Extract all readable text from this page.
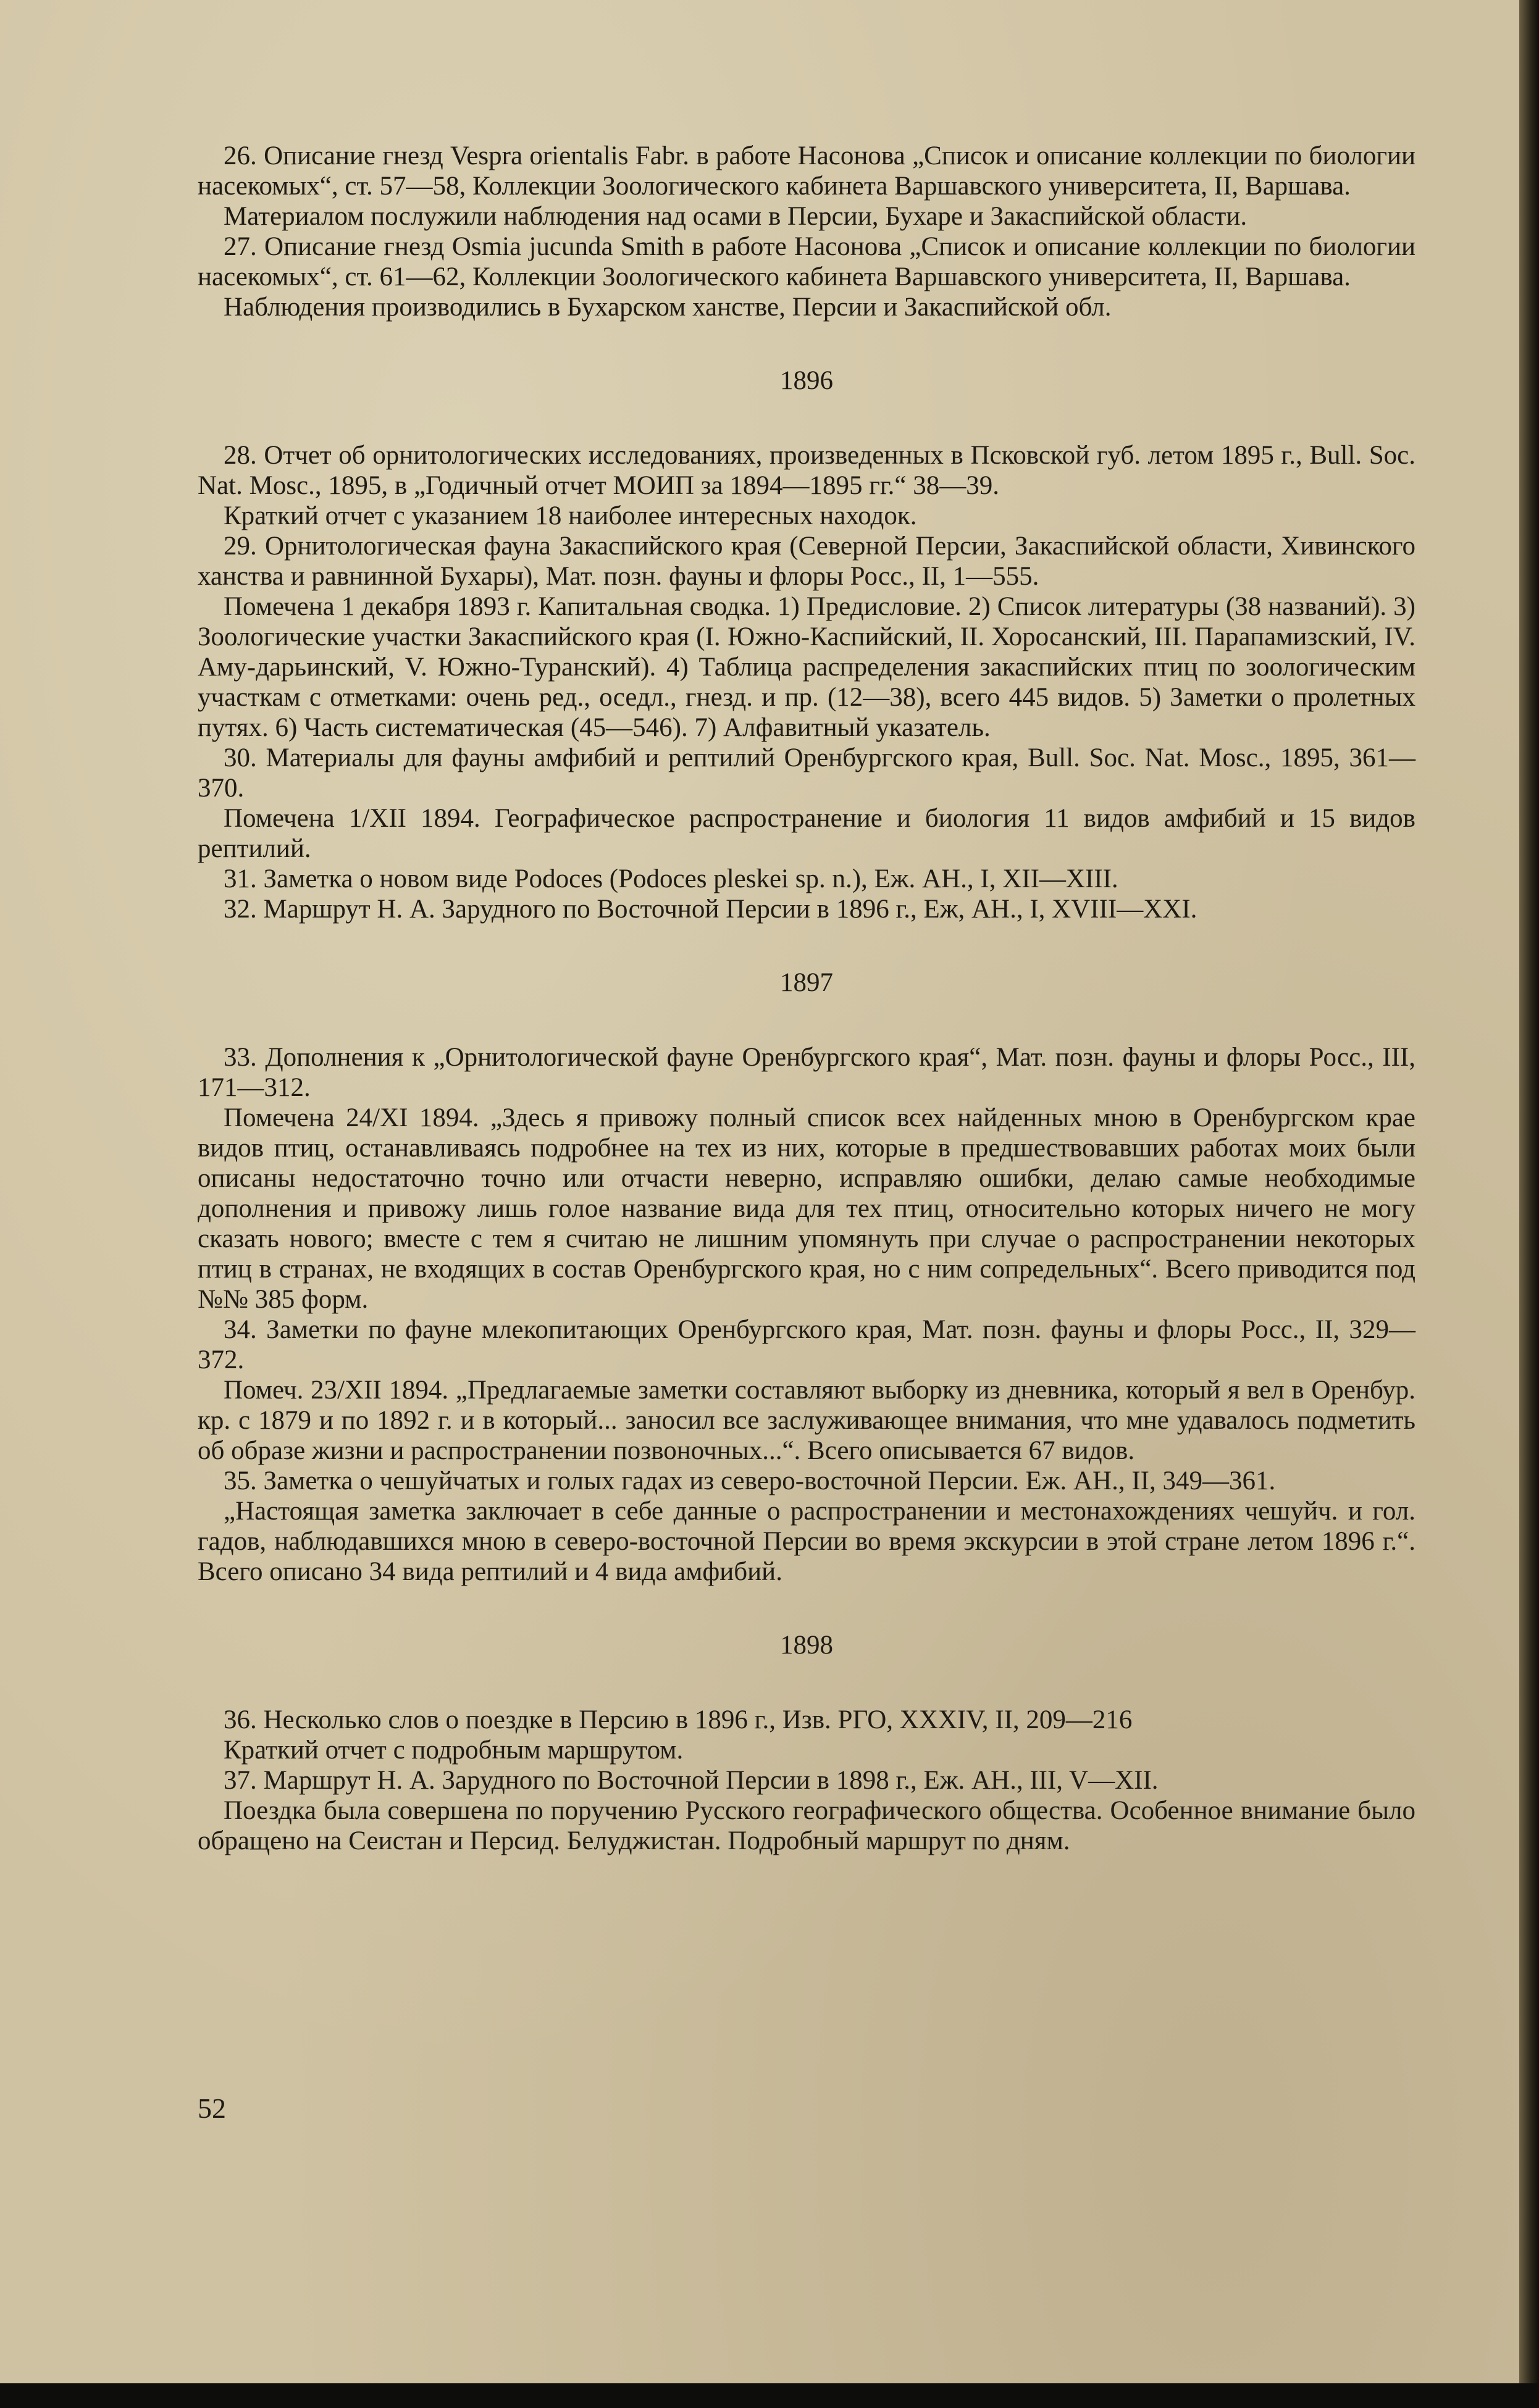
26. Описание гнезд Vesрra orientalis Fabr. в работе Насонова „Список и описание коллекции по биологии насекомых“, ст. 57—58, Коллекции Зоологического кабинета Варшавского университета, II, Варшава.

Материалом послужили наблюдения над осами в Персии, Бухаре и Закаспийской области.

27. Описание гнезд Osmia jucunda Smith в работе Насонова „Список и описание коллекции по биологии насекомых“, ст. 61—62, Коллекции Зоологического кабинета Варшавского университета, II, Варшава.

Наблюдения производились в Бухарском ханстве, Персии и Закаспийской обл.

1896

28. Отчет об орнитологических исследованиях, произведенных в Псковской губ. летом 1895 г., Bull. Soc. Nat. Mosc., 1895, в „Годичный отчет МОИП за 1894—1895 гг.“ 38—39.

Краткий отчет с указанием 18 наиболее интересных находок.

29. Орнитологическая фауна Закаспийского края (Северной Персии, Закаспийской области, Хивинского ханства и равнинной Бухары), Мат. позн. фауны и флоры Росс., II, 1—555.

Помечена 1 декабря 1893 г. Капитальная сводка. 1) Предисловие. 2) Список литературы (38 названий). 3) Зоологические участки Закаспийского края (I. Южно-Каспийский, II. Хоросанский, III. Парапамизский, IV. Аму-дарьинский, V. Южно-Туранский). 4) Таблица распределения закаспийских птиц по зоологическим участкам с отметками: очень ред., оседл., гнезд. и пр. (12—38), всего 445 видов. 5) Заметки о пролетных путях. 6) Часть систематическая (45—546). 7) Алфавитный указатель.

30. Материалы для фауны амфибий и рептилий Оренбургского края, Bull. Soc. Nat. Mosc., 1895, 361—370.

Помечена 1/XII 1894. Географическое распространение и биология 11 видов амфибий и 15 видов рептилий.

31. Заметка о новом виде Podoces (Podoces pleskei sp. n.), Еж. АН., I, XII—XIII.

32. Маршрут Н. А. Зарудного по Восточной Персии в 1896 г., Еж, АН., I, XVIII—XXI.

1897

33. Дополнения к „Орнитологической фауне Оренбургского края“, Мат. позн. фауны и флоры Росс., III, 171—312.

Помечена 24/XI 1894. „Здесь я привожу полный список всех найденных мною в Оренбургском крае видов птиц, останавливаясь подробнее на тех из них, которые в предшествовавших работах моих были описаны недостаточно точно или отчасти неверно, исправляю ошибки, делаю самые необходимые дополнения и привожу лишь голое название вида для тех птиц, относительно которых ничего не могу сказать нового; вместе с тем я считаю не лишним упомянуть при случае о распространении некоторых птиц в странах, не входящих в состав Оренбургского края, но с ним сопредельных“. Всего приводится под №№ 385 форм.

34. Заметки по фауне млекопитающих Оренбургского края, Мат. позн. фауны и флоры Росс., II, 329—372.

Помеч. 23/XII 1894. „Предлагаемые заметки составляют выборку из дневника, который я вел в Оренбур. кр. с 1879 и по 1892 г. и в который... заносил все заслуживающее внимания, что мне удавалось подметить об образе жизни и распространении позвоночных...“. Всего описывается 67 видов.

35. Заметка о чешуйчатых и голых гадах из северо-восточной Персии. Еж. АН., II, 349—361.

„Настоящая заметка заключает в себе данные о распространении и местонахождениях чешуйч. и гол. гадов, наблюдавшихся мною в северо-восточной Персии во время экскурсии в этой стране летом 1896 г.“. Всего описано 34 вида рептилий и 4 вида амфибий.

1898

36. Несколько слов о поездке в Персию в 1896 г., Изв. РГО, XXXIV, II, 209—216

Краткий отчет с подробным маршрутом.

37. Маршрут Н. А. Зарудного по Восточной Персии в 1898 г., Еж. АН., III, V—XII.

Поездка была совершена по поручению Русского географического общества. Особенное внимание было обращено на Сеистан и Персид. Белуджистан. Подробный маршрут по дням.

52
